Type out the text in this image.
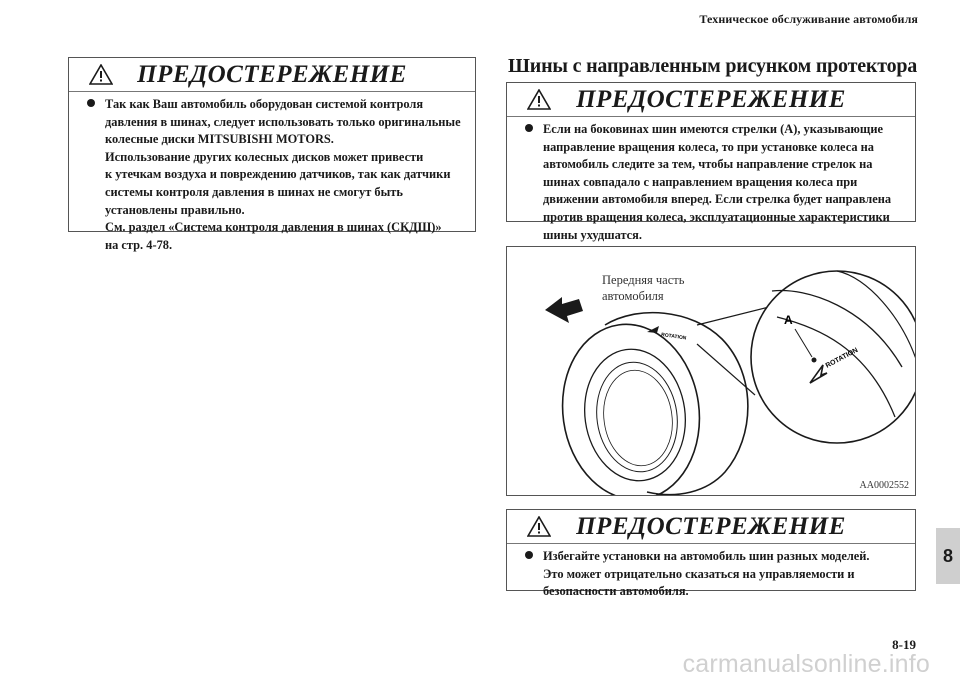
Техническое обслуживание автомобиля
ПРЕДОСТЕРЕЖЕНИЕ
Так как Ваш автомобиль оборудован системой контроля
давления в шинах, следует использовать только оригинальные
колесные диски MITSUBISHI MOTORS.
Использование других колесных дисков может привести
к утечкам воздуха и повреждению датчиков, так как датчики
системы контроля давления в шинах не смогут быть
установлены правильно.
См. раздел «Система контроля давления в шинах (СКДШ)»
на стр. 4-78.
Шины с направленным рисунком протектора
ПРЕДОСТЕРЕЖЕНИЕ
Если на боковинах шин имеются стрелки (A), указывающие
направление вращения колеса, то при установке колеса на
автомобиль следите за тем, чтобы направление стрелок на
шинах совпадало с направлением вращения колеса при
движении автомобиля вперед. Если стрелка будет направлена
против вращения колеса, эксплуатационные характеристики
шины ухудшатся.
ROTATION
ROTATION
A
Передняя часть
автомобиля
AA0002552
ПРЕДОСТЕРЕЖЕНИЕ
Избегайте установки на автомобиль шин разных моделей.
Это может отрицательно сказаться на управляемости и
безопасности автомобиля.
8
8-19
carmanualsonline.info
